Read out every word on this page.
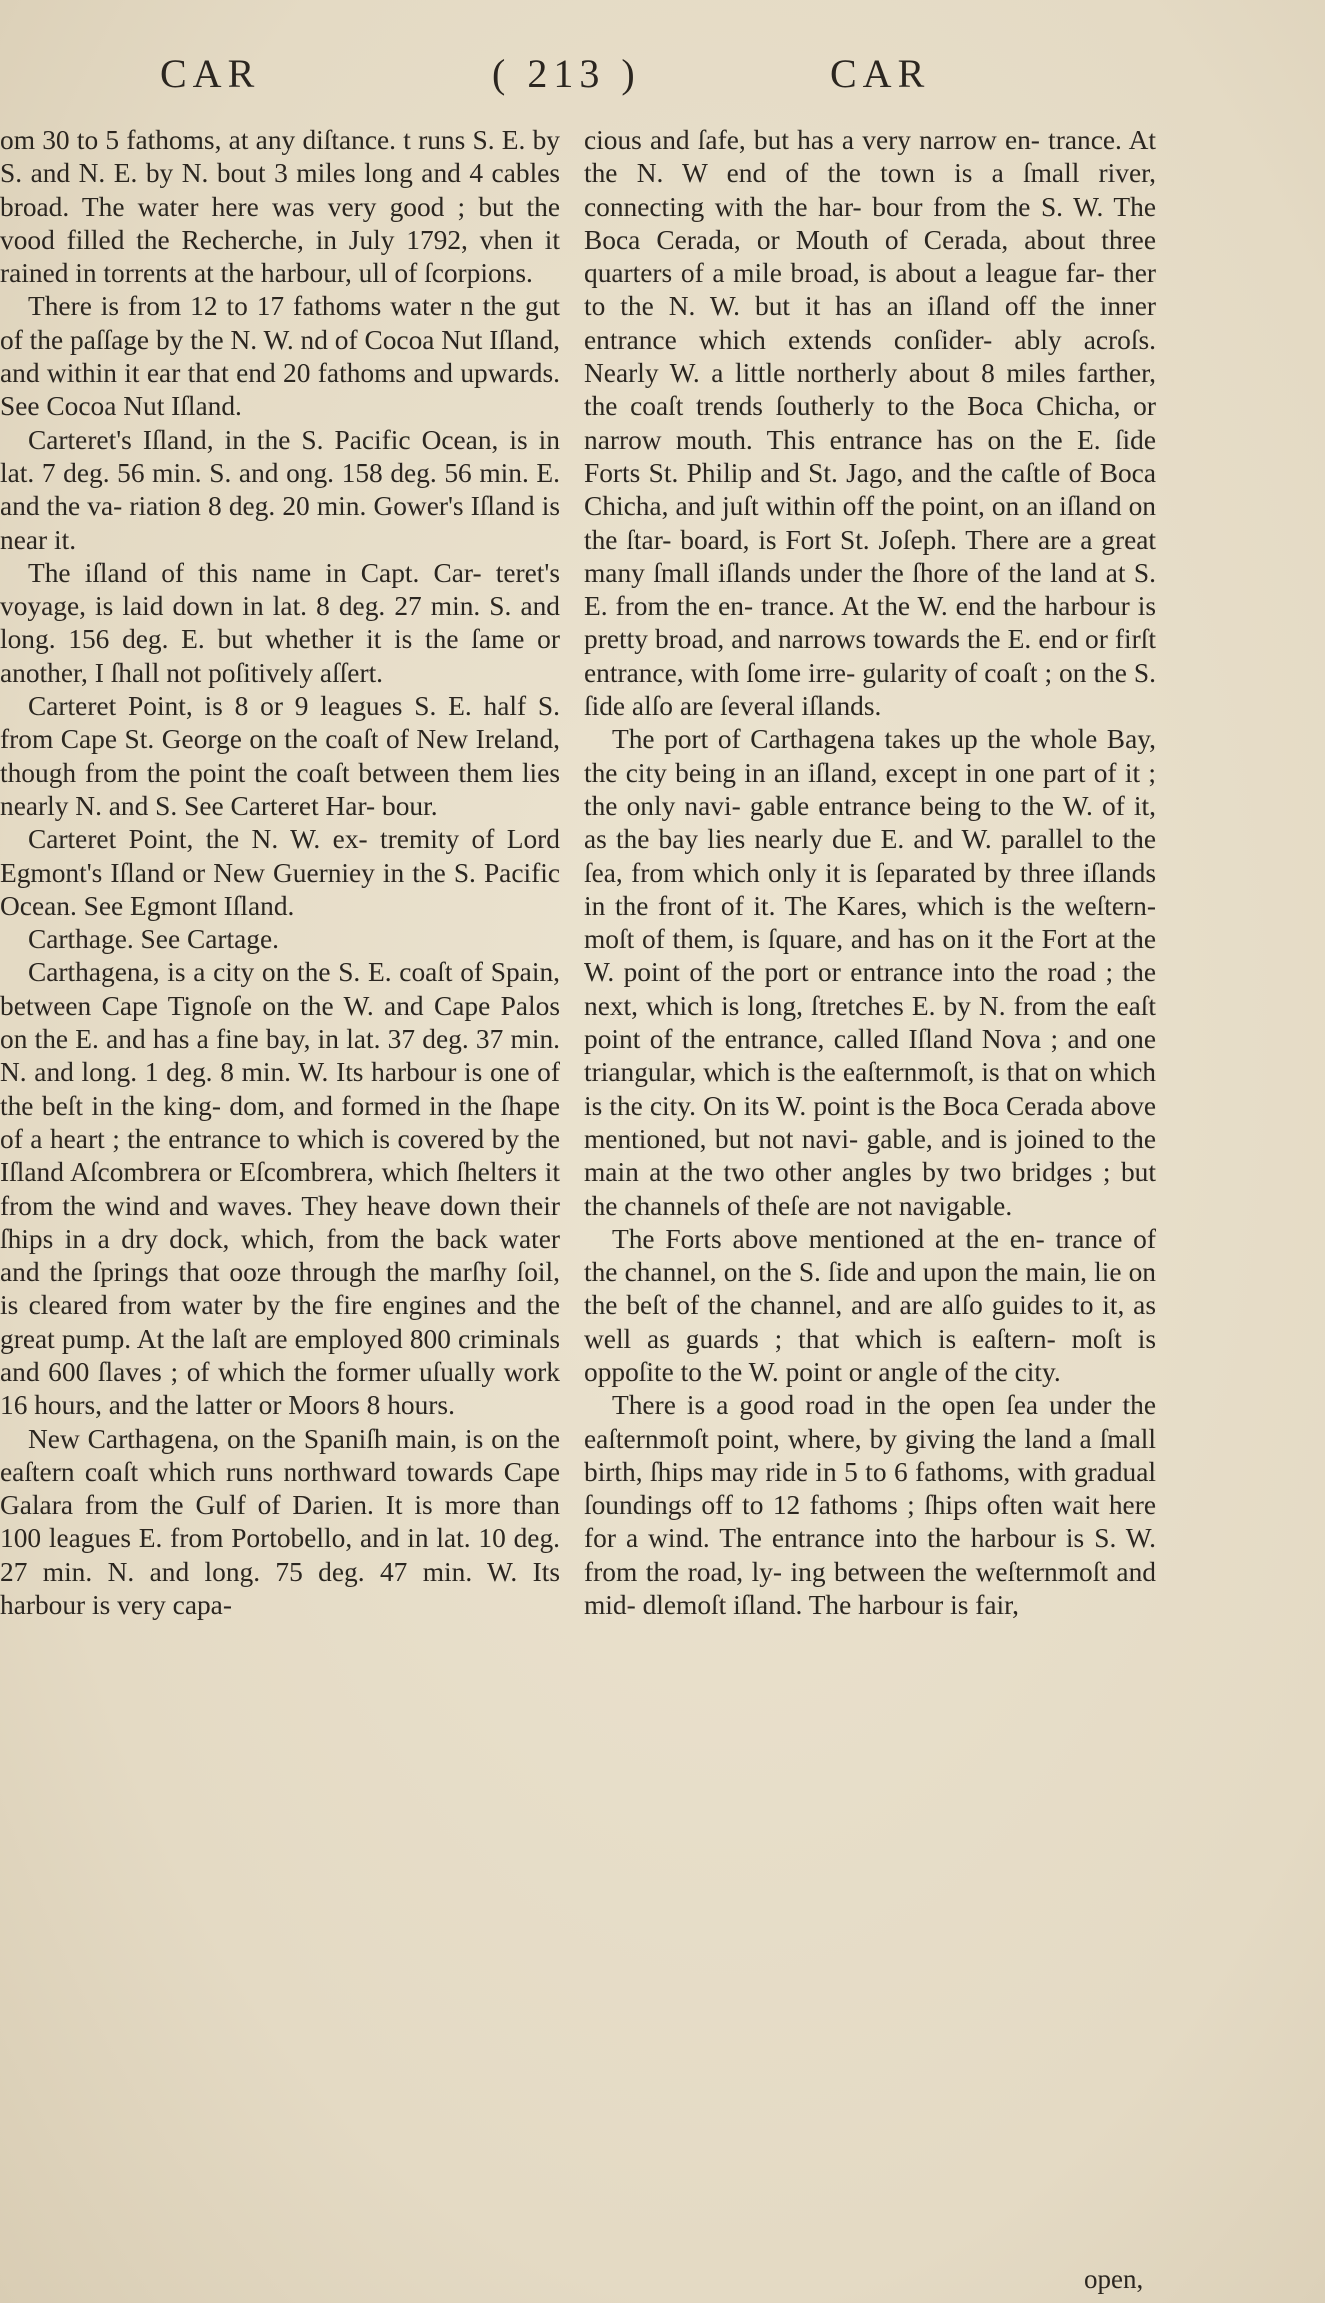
CAR	( 213 )	CAR

om 30 to 5 fathoms, at any diſtance. t runs S. E. by S. and N. E. by N. bout 3 miles long and 4 cables broad. The water here was very good ; but the vood filled the Recherche, in July 1792, vhen it rained in torrents at the harbour, ull of ſcorpions.

There is from 12 to 17 fathoms water n the gut of the paſſage by the N. W. nd of Cocoa Nut Iſland, and within it ear that end 20 fathoms and upwards. See Cocoa Nut Iſland.

Carteret's Iſland, in the S. Pacific Ocean, is in lat. 7 deg. 56 min. S. and ong. 158 deg. 56 min. E. and the va- riation 8 deg. 20 min. Gower's Iſland is near it.

The iſland of this name in Capt. Car- teret's voyage, is laid down in lat. 8 deg. 27 min. S. and long. 156 deg. E. but whether it is the ſame or another, I ſhall not poſitively aſſert.

Carteret Point, is 8 or 9 leagues S. E. half S. from Cape St. George on the coaſt of New Ireland, though from the point the coaſt between them lies nearly N. and S. See Carteret Har- bour.

Carteret Point, the N. W. ex- tremity of Lord Egmont's Iſland or New Guerniey in the S. Pacific Ocean. See Egmont Iſland.

Carthage. See Cartage.

Carthagena, is a city on the S. E. coaſt of Spain, between Cape Tignoſe on the W. and Cape Palos on the E. and has a fine bay, in lat. 37 deg. 37 min. N. and long. 1 deg. 8 min. W. Its harbour is one of the beſt in the king- dom, and formed in the ſhape of a heart ; the entrance to which is covered by the Iſland Aſcombrera or Eſcombrera, which ſhelters it from the wind and waves. They heave down their ſhips in a dry dock, which, from the back water and the ſprings that ooze through the marſhy ſoil, is cleared from water by the fire engines and the great pump. At the laſt are employed 800 criminals and 600 ſlaves ; of which the former uſually work 16 hours, and the latter or Moors 8 hours.

New Carthagena, on the Spaniſh main, is on the eaſtern coaſt which runs northward towards Cape Galara from the Gulf of Darien. It is more than 100 leagues E. from Portobello, and in lat. 10 deg. 27 min. N. and long. 75 deg. 47 min. W. Its harbour is very capa-

cious and ſafe, but has a very narrow en- trance. At the N. W end of the town is a ſmall river, connecting with the har- bour from the S. W. The Boca Cerada, or Mouth of Cerada, about three quarters of a mile broad, is about a league far- ther to the N. W. but it has an iſland off the inner entrance which extends conſider- ably acroſs. Nearly W. a little northerly about 8 miles farther, the coaſt trends ſoutherly to the Boca Chicha, or narrow mouth. This entrance has on the E. ſide Forts St. Philip and St. Jago, and the caſtle of Boca Chicha, and juſt within off the point, on an iſland on the ſtar- board, is Fort St. Joſeph. There are a great many ſmall iſlands under the ſhore of the land at S. E. from the en- trance. At the W. end the harbour is pretty broad, and narrows towards the E. end or firſt entrance, with ſome irre- gularity of coaſt ; on the S. ſide alſo are ſeveral iſlands.

The port of Carthagena takes up the whole Bay, the city being in an iſland, except in one part of it ; the only navi- gable entrance being to the W. of it, as the bay lies nearly due E. and W. parallel to the ſea, from which only it is ſeparated by three iſlands in the front of it. The Kares, which is the weſtern- moſt of them, is ſquare, and has on it the Fort at the W. point of the port or entrance into the road ; the next, which is long, ſtretches E. by N. from the eaſt point of the entrance, called Iſland Nova ; and one triangular, which is the eaſternmoſt, is that on which is the city. On its W. point is the Boca Cerada above mentioned, but not navi- gable, and is joined to the main at the two other angles by two bridges ; but the channels of theſe are not navigable.

The Forts above mentioned at the en- trance of the channel, on the S. ſide and upon the main, lie on the beſt of the channel, and are alſo guides to it, as well as guards ; that which is eaſtern- moſt is oppoſite to the W. point or angle of the city.

There is a good road in the open ſea under the eaſternmoſt point, where, by giving the land a ſmall birth, ſhips may ride in 5 to 6 fathoms, with gradual ſoundings off to 12 fathoms ; ſhips often wait here for a wind. The entrance into the harbour is S. W. from the road, ly- ing between the weſternmoſt and mid- dlemoſt iſland. The harbour is fair,

open,
